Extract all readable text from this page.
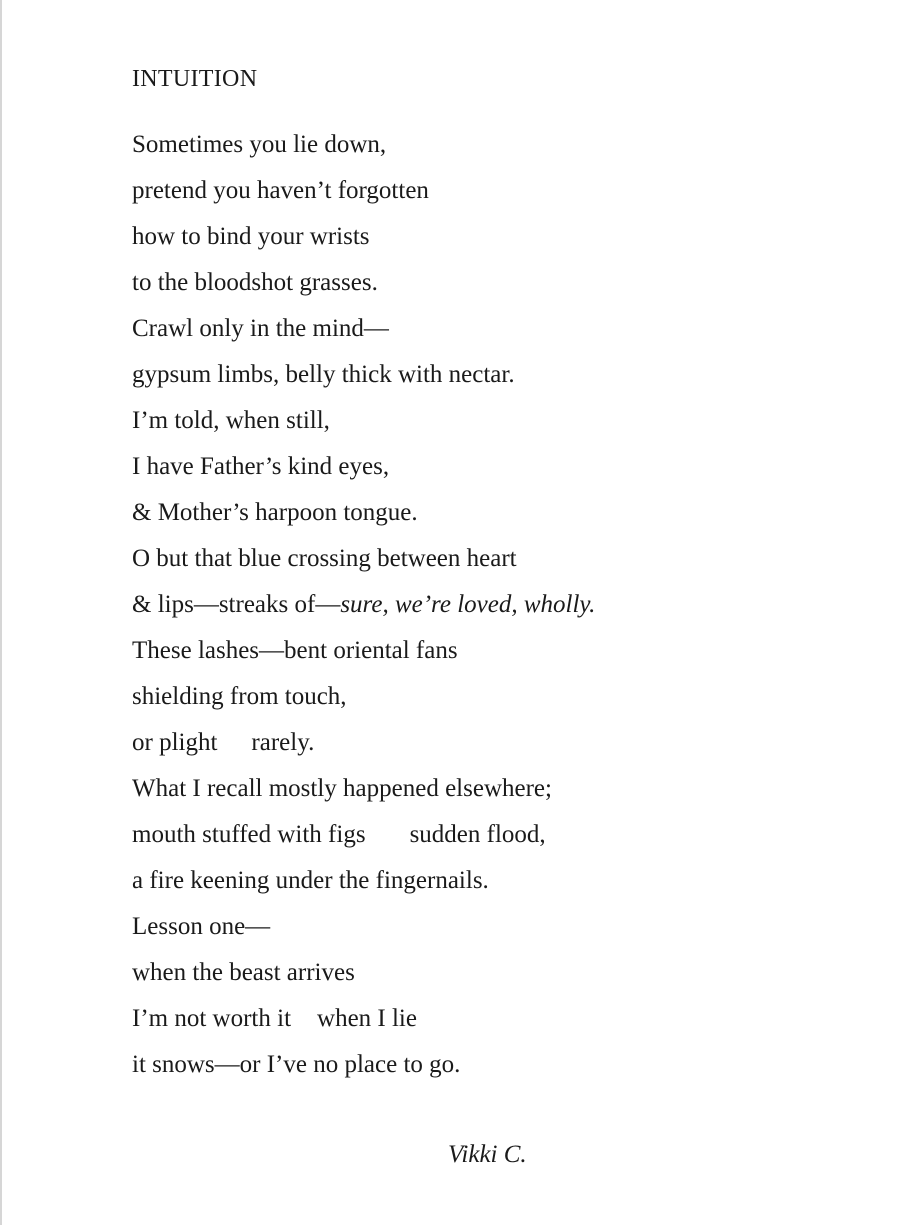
INTUITION
Sometimes you lie down,
pretend you haven’t forgotten
how to bind your wrists
to the bloodshot grasses.
Crawl only in the mind—
gypsum limbs, belly thick with nectar.
I’m told, when still,
I have Father’s kind eyes,
& Mother’s harpoon tongue.
O but that blue crossing between heart
& lips—streaks of—sure, we’re loved, wholly.
These lashes—bent oriental fans
shielding from touch,
or plight rarely.
What I recall mostly happened elsewhere;
mouth stuffed with figs sudden flood,
a fire keening under the fingernails.
Lesson one—
when the beast arrives
I’m not worth it when I lie
it snows—or I’ve no place to go.
Vikki C.
